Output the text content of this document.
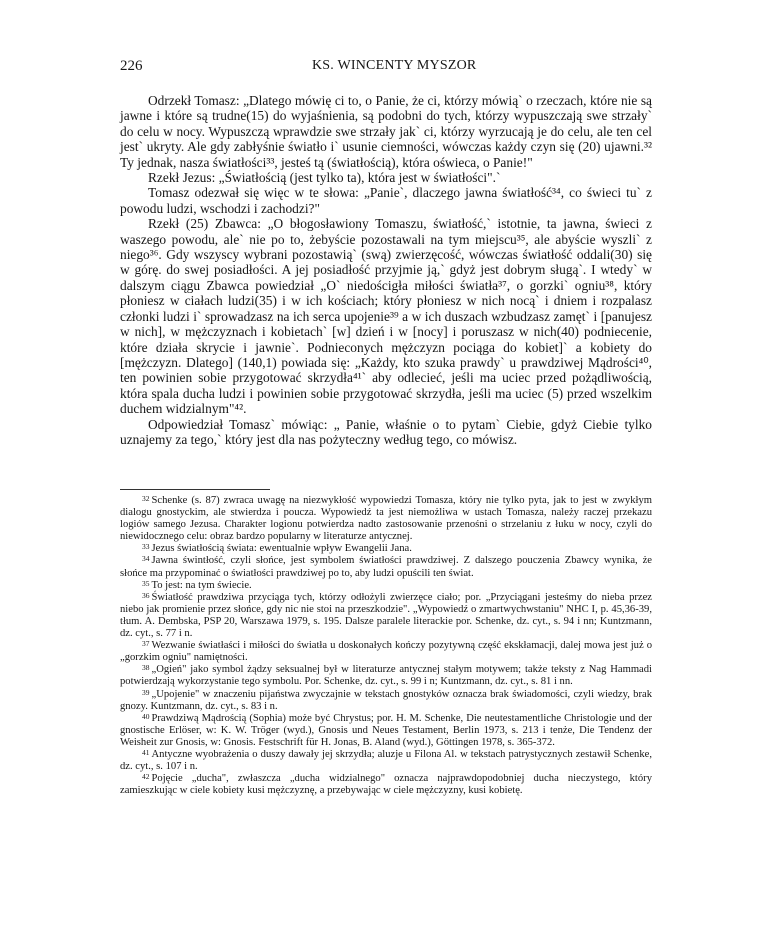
226	KS. WINCENTY MYSZOR

Odrzekł Tomasz: „Dlatego mówię ci to, o Panie, że ci, którzy mówią` o rzeczach, które nie są jawne i które są trudne(15) do wyjaśnienia, są podobni do tych, którzy wypuszczają swe strzały` do celu w nocy. Wypuszczą wprawdzie swe strzały jak` ci, którzy wyrzucają je do celu, ale ten cel jest` ukryty. Ale gdy zabłyśnie światło i` usunie ciemności, wówczas każdy czyn się (20) ujawni.³² Ty jednak, nasza światłości³³, jesteś tą (światłością), która oświeca, o Panie!"

Rzekł Jezus: „Światłością (jest tylko ta), która jest w światłości".`

Tomasz odezwał się więc w te słowa: „Panie`, dlaczego jawna światłość³⁴, co świeci tu` z powodu ludzi, wschodzi i zachodzi?"

Rzekł (25) Zbawca: „O błogosławiony Tomaszu, światłość,` istotnie, ta jawna, świeci z waszego powodu, ale` nie po to, żebyście pozostawali na tym miejscu³⁵, ale abyście wyszli` z niego³⁶. Gdy wszyscy wybrani pozostawią` (swą) zwierzęcość, wówczas światłość oddali(30) się w górę. do swej posiadłości. A jej posiadłość przyjmie ją,` gdyż jest dobrym sługą`. I wtedy` w dalszym ciągu Zbawca powiedział „O` niedościgła miłości światła³⁷, o gorzki` ogniu³⁸, który płoniesz w ciałach ludzi(35) i w ich kościach; który płoniesz w nich nocą` i dniem i rozpalasz członki ludzi i` sprowadzasz na ich serca upojenie³⁹ a w ich duszach wzbudzasz zamęt` i [panujesz w nich], w mężczyznach i kobietach` [w] dzień i w [nocy] i poruszasz w nich(40) podniecenie, które działa skrycie i jawnie`. Podnieconych mężczyzn pociąga do kobiet]` a kobiety do [mężczyzn. Dlatego] (140,1) powiada się: „Każdy, kto szuka prawdy` u prawdziwej Mądrości⁴⁰, ten powinien sobie przygotować skrzydła⁴¹` aby odlecieć, jeśli ma uciec przed pożądliwością, która spala ducha ludzi i powinien sobie przygotować skrzydła, jeśli ma uciec (5) przed wszelkim duchem widzialnym"⁴².

Odpowiedział Tomasz` mówiąc: „ Panie, właśnie o to pytam` Ciebie, gdyż Ciebie tylko uznajemy za tego,` który jest dla nas pożyteczny według tego, co mówisz.

$^{32}$ Schenke (s. 87) zwraca uwagę na niezwykłość wypowiedzi Tomasza, który nie tylko pyta, jak to jest w zwykłym dialogu gnostyckim, ale stwierdza i poucza. Wypowiedź ta jest niemożliwa w ustach Tomasza, należy raczej przekazu logiów samego Jezusa. Charakter logionu potwierdza nadto zastosowanie przenośni o strzelaniu z łuku w nocy, czyli do niewidocznego celu: obraz bardzo popularny w literaturze antycznej.

$^{33}$ Jezus światłością świata: ewentualnie wpływ Ewangelii Jana.

$^{34}$ Jawna świntłość, czyli słońce, jest symbolem światłości prawdziwej. Z dalszego pouczenia Zbawcy wynika, że słońce ma przypominać o światłości prawdziwej po to, aby ludzi opuścili ten świat.

$^{35}$ To jest: na tym świecie.

$^{36}$ Światłość prawdziwa przyciąga tych, którzy odłożyli zwierzęce ciało; por. „Przyciągani jesteśmy do nieba przez niebo jak promienie przez słońce, gdy nic nie stoi na przeszkodzie". „Wypowiedź o zmartwychwstaniu" NHC I, p. 45,36-39, tłum. A. Dembska, PSP 20, Warszawa 1979, s. 195. Dalsze paralele literackie por. Schenke, dz. cyt., s. 94 i nn; Kuntzmann, dz. cyt., s. 77 i n.

$^{37}$ Wezwanie światłaści i miłości do światła u doskonałych kończy pozytywną część ekskłamacji, dalej mowa jest już o „gorzkim ogniu" namiętności.

$^{38}$ „Ogień" jako symbol żądzy seksualnej był w literaturze antycznej stałym motywem; także teksty z Nag Hammadi potwierdzają wykorzystanie tego symbolu. Por. Schenke, dz. cyt., s. 99 i n; Kuntzmann, dz. cyt., s. 81 i nn.

$^{39}$ „Upojenie" w znaczeniu pijaństwa zwyczajnie w tekstach gnostyków oznacza brak świadomości, czyli wiedzy, brak gnozy. Kuntzmann, dz. cyt., s. 83 i n.

$^{40}$ Prawdziwą Mądrością (Sophia) może być Chrystus; por. H. M. Schenke, Die neutestamentliche Christologie und der gnostische Erlöser, w: K. W. Tröger (wyd.), Gnosis und Neues Testament, Berlin 1973, s. 213 i tenże, Die Tendenz der Weisheit zur Gnosis, w: Gnosis. Festschrift für H. Jonas, B. Aland (wyd.), Göttingen 1978, s. 365-372.

$^{41}$ Antyczne wyobrażenia o duszy dawały jej skrzydła; aluzje u Filona Al. w tekstach patrystycznych zestawił Schenke, dz. cyt., s. 107 i n.

$^{42}$ Pojęcie „ducha", zwłaszcza „ducha widzialnego" oznacza najprawdopodobniej ducha nieczystego, który zamieszkując w ciele kobiety kusi mężczyznę, a przebywając w ciele mężczyzny, kusi kobietę.
